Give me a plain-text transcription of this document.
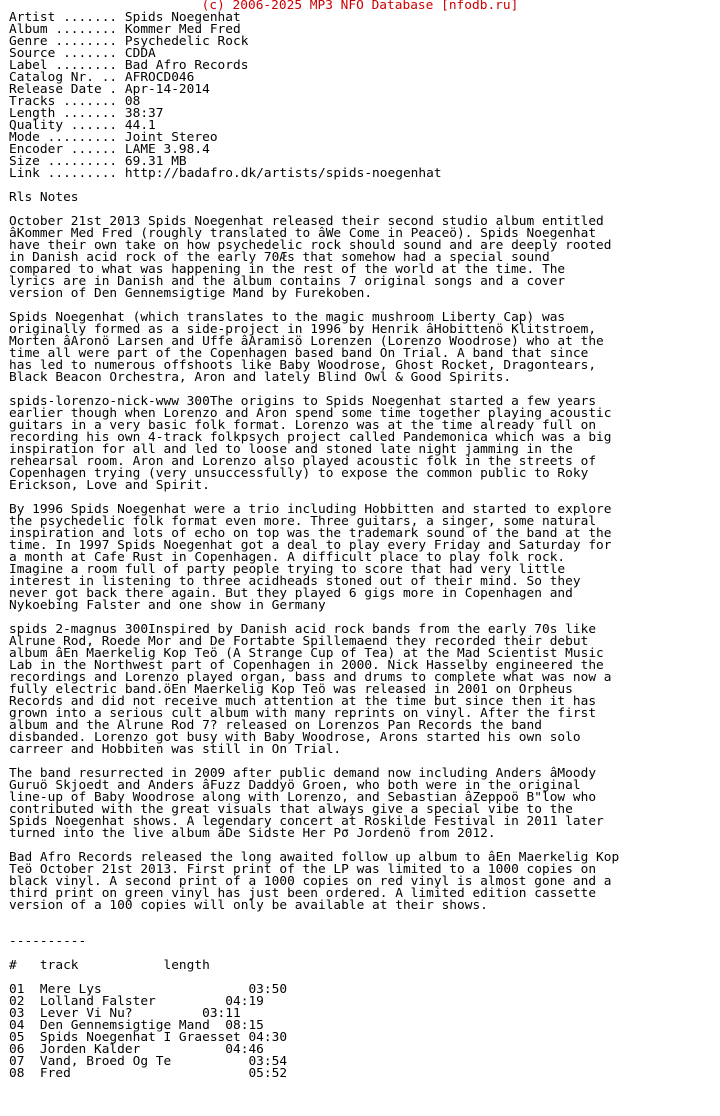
(c) 2006-2025 MP3 NFO Database [nfodb.ru]
Artist ....... Spids Noegenhat
Album ........ Kommer Med Fred
Genre ........ Psychedelic Rock
Source ....... CDDA
Label ........ Bad Afro Records
Catalog Nr. .. AFROCD046
Release Date . Apr-14-2014
Tracks ....... 08
Length ....... 38:37
Quality ...... 44.1
Mode ......... Joint Stereo
Encoder ...... LAME 3.98.4
Size ......... 69.31 MB
Link ......... http://badafro.dk/artists/spids-noegenhat
Rls Notes
October 21st 2013 Spids Noegenhat released their second studio album entitled
âKommer Med Fred (roughly translated to âWe Come in Peaceö). Spids Noegenhat
have their own take on how psychedelic rock should sound and are deeply rooted
in Danish acid rock of the early 70Æs that somehow had a special sound
compared to what was happening in the rest of the world at the time. The
lyrics are in Danish and the album contains 7 original songs and a cover
version of Den Gennemsigtige Mand by Furekoben.
Spids Noegenhat (which translates to the magic mushroom Liberty Cap) was
originally formed as a side-project in 1996 by Henrik âHobittenö Klitstroem,
Morten âAronö Larsen and Uffe âAramisö Lorenzen (Lorenzo Woodrose) who at the
time all were part of the Copenhagen based band On Trial. A band that since
has led to numerous offshoots like Baby Woodrose, Ghost Rocket, Dragontears,
Black Beacon Orchestra, Aron and lately Blind Owl & Good Spirits.
spids-lorenzo-nick-www 300The origins to Spids Noegenhat started a few years
earlier though when Lorenzo and Aron spend some time together playing acoustic
guitars in a very basic folk format. Lorenzo was at the time already full on
recording his own 4-track folkpsych project called Pandemonica which was a big
inspiration for all and led to loose and stoned late night jamming in the
rehearsal room. Aron and Lorenzo also played acoustic folk in the streets of
Copenhagen trying (very unsuccessfully) to expose the common public to Roky
Erickson, Love and Spirit.
By 1996 Spids Noegenhat were a trio including Hobbitten and started to explore
the psychedelic folk format even more. Three guitars, a singer, some natural
inspiration and lots of echo on top was the trademark sound of the band at the
time. In 1997 Spids Noegenhat got a deal to play every Friday and Saturday for
a month at Cafe Rust in Copenhagen. A difficult place to play folk rock.
Imagine a room full of party people trying to score that had very little
interest in listening to three acidheads stoned out of their mind. So they
never got back there again. But they played 6 gigs more in Copenhagen and
Nykoebing Falster and one show in Germany
spids 2-magnus 300Inspired by Danish acid rock bands from the early 70s like
Alrune Rod, Roede Mor and De Fortabte Spillemaend they recorded their debut
album âEn Maerkelig Kop Teö (A Strange Cup of Tea) at the Mad Scientist Music
Lab in the Northwest part of Copenhagen in 2000. Nick Hasselby engineered the
recordings and Lorenzo played organ, bass and drums to complete what was now a
fully electric band.öEn Maerkelig Kop Teö was released in 2001 on Orpheus
Records and did not receive much attention at the time but since then it has
grown into a serious cult album with many reprints on vinyl. After the first
album and the Alrune Rod 7? released on Lorenzos Pan Records the band
disbanded. Lorenzo got busy with Baby Woodrose, Arons started his own solo
carreer and Hobbiten was still in On Trial.
The band resurrected in 2009 after public demand now including Anders âMoody
Guruö Skjoedt and Anders âFuzz Daddyö Groen, who both were in the original
line-up of Baby Woodrose along with Lorenzo, and Sebastian âZeppoö B"low who
contributed with the great visuals that always give a special vibe to the
Spids Noegenhat shows. A legendary concert at Roskilde Festival in 2011 later
turned into the live album âDe Sidste Her Pσ Jordenö from 2012.
Bad Afro Records released the long awaited follow up album to âEn Maerkelig Kop
Teö October 21st 2013. First print of the LP was limited to a 1000 copies on
black vinyl. A second print of a 1000 copies on red vinyl is almost gone and a
third print on green vinyl has just been ordered. A limited edition cassette
version of a 100 copies will only be available at their shows.
----------
#   track           length
01  Mere Lys                   03:50
02  Lolland Falster         04:19
03  Lever Vi Nu?         03:11
04  Den Gennemsigtige Mand  08:15
05  Spids Noegenhat I Graesset 04:30
06  Jorden Kalder           04:46
07  Vand, Broed Og Te          03:54
08  Fred                       05:52
